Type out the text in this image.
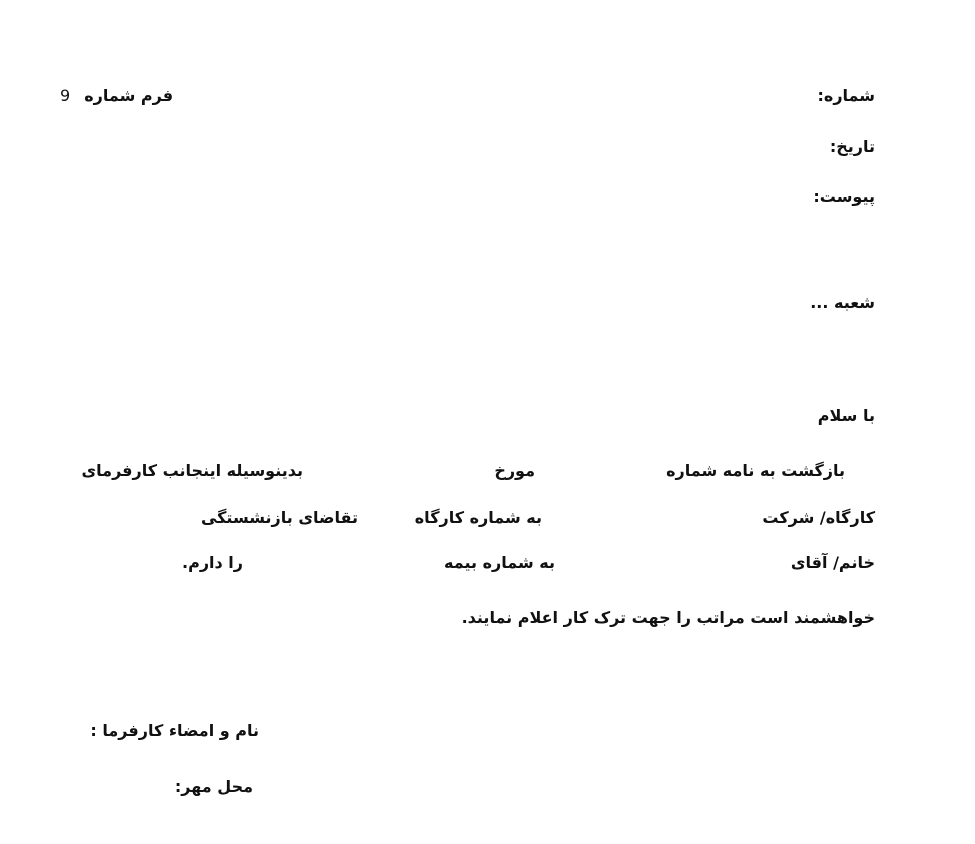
9 فرم شماره	شماره:
تاریخ:
پیوست:
شعبه ...
با سلام
بازگشت به نامه شماره
مورخ
بدینوسیله اینجانب کارفرمای
کارگاه/ شرکت
به شماره کارگاه
تقاضای بازنشستگی
خانم/ آقای
به شماره بیمه
را دارم.
خواهشمند است مراتب را جهت ترک کار اعلام نمایند.
نام و امضاء کارفرما :
محل مهر:
